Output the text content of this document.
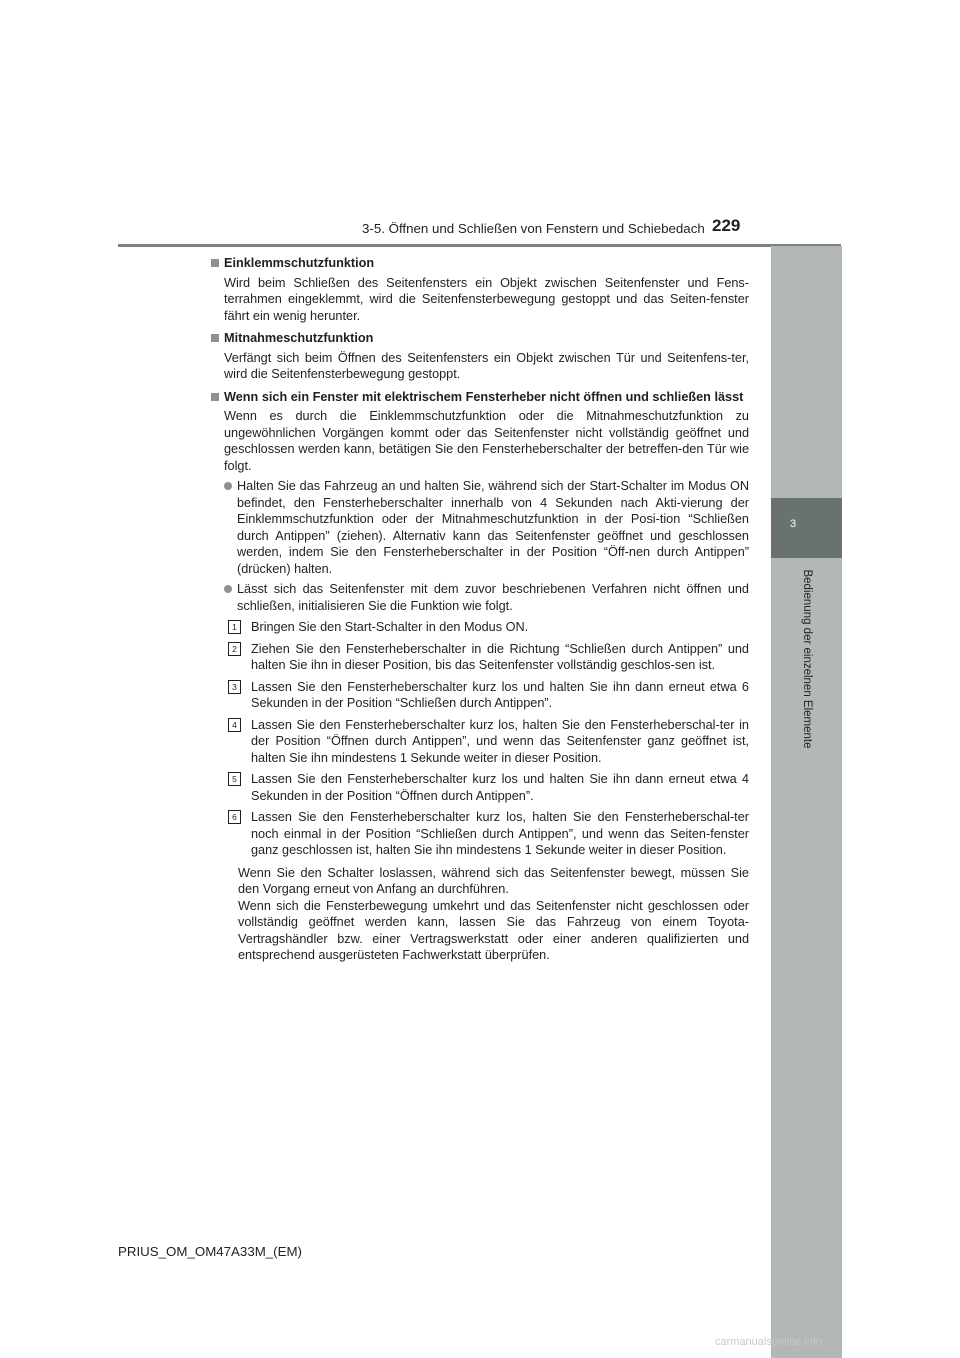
3-5. Öffnen und Schließen von Fenstern und Schiebedach 229
3
Bedienung der einzelnen Elemente
Einklemmschutzfunktion
Wird beim Schließen des Seitenfensters ein Objekt zwischen Seitenfenster und Fens-terrahmen eingeklemmt, wird die Seitenfensterbewegung gestoppt und das Seiten-fenster fährt ein wenig herunter.
Mitnahmeschutzfunktion
Verfängt sich beim Öffnen des Seitenfensters ein Objekt zwischen Tür und Seitenfens-ter, wird die Seitenfensterbewegung gestoppt.
Wenn sich ein Fenster mit elektrischem Fensterheber nicht öffnen und schließen lässt
Wenn es durch die Einklemmschutzfunktion oder die Mitnahmeschutzfunktion zu ungewöhnlichen Vorgängen kommt oder das Seitenfenster nicht vollständig geöffnet und geschlossen werden kann, betätigen Sie den Fensterheberschalter der betreffen-den Tür wie folgt.
Halten Sie das Fahrzeug an und halten Sie, während sich der Start-Schalter im Modus ON befindet, den Fensterheberschalter innerhalb von 4 Sekunden nach Akti-vierung der Einklemmschutzfunktion oder der Mitnahmeschutzfunktion in der Posi-tion “Schließen durch Antippen” (ziehen). Alternativ kann das Seitenfenster geöffnet und geschlossen werden, indem Sie den Fensterheberschalter in der Position “Öff-nen durch Antippen” (drücken) halten.
Lässt sich das Seitenfenster mit dem zuvor beschriebenen Verfahren nicht öffnen und schließen, initialisieren Sie die Funktion wie folgt.
1	Bringen Sie den Start-Schalter in den Modus ON.
2	Ziehen Sie den Fensterheberschalter in die Richtung “Schließen durch Antippen” und halten Sie ihn in dieser Position, bis das Seitenfenster vollständig geschlos-sen ist.
3	Lassen Sie den Fensterheberschalter kurz los und halten Sie ihn dann erneut etwa 6 Sekunden in der Position “Schließen durch Antippen”.
4	Lassen Sie den Fensterheberschalter kurz los, halten Sie den Fensterheberschal-ter in der Position “Öffnen durch Antippen”, und wenn das Seitenfenster ganz geöffnet ist, halten Sie ihn mindestens 1 Sekunde weiter in dieser Position.
5	Lassen Sie den Fensterheberschalter kurz los und halten Sie ihn dann erneut etwa 4 Sekunden in der Position “Öffnen durch Antippen”.
6	Lassen Sie den Fensterheberschalter kurz los, halten Sie den Fensterheberschal-ter noch einmal in der Position “Schließen durch Antippen”, und wenn das Seiten-fenster ganz geschlossen ist, halten Sie ihn mindestens 1 Sekunde weiter in dieser Position.
Wenn Sie den Schalter loslassen, während sich das Seitenfenster bewegt, müssen Sie den Vorgang erneut von Anfang an durchführen.
Wenn sich die Fensterbewegung umkehrt und das Seitenfenster nicht geschlossen oder vollständig geöffnet werden kann, lassen Sie das Fahrzeug von einem Toyota-Vertragshändler bzw. einer Vertragswerkstatt oder einer anderen qualifizierten und entsprechend ausgerüsteten Fachwerkstatt überprüfen.
PRIUS_OM_OM47A33M_(EM)
carmanualsonline.info
